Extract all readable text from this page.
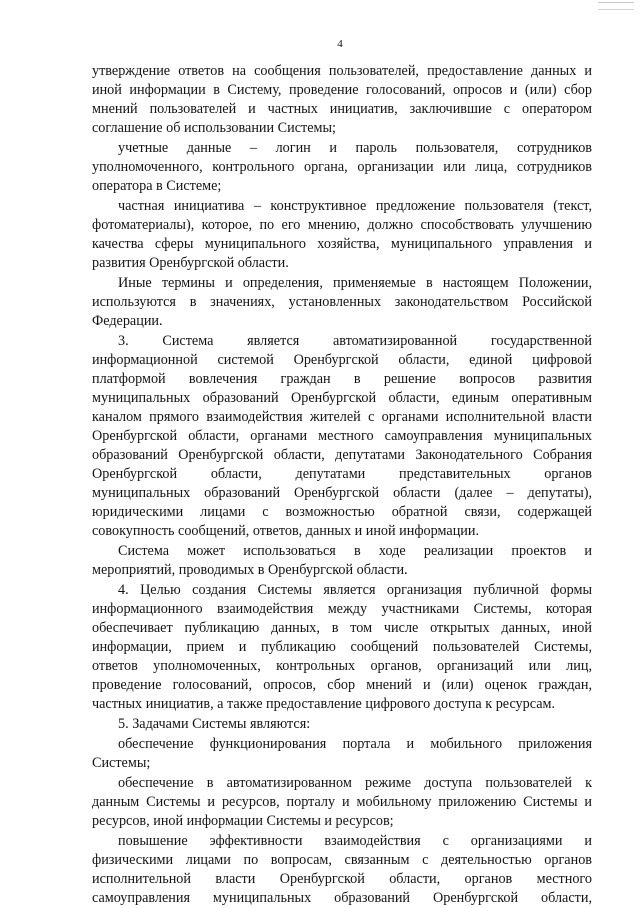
4
утверждение ответов на сообщения пользователей, предоставление данных и
иной информации в Систему, проведение голосований, опросов и (или) сбор
мнений пользователей и частных инициатив, заключившие с оператором
соглашение об использовании Системы;
учетные данные – логин и пароль пользователя, сотрудников
уполномоченного, контрольного органа, организации или лица, сотрудников
оператора в Системе;
частная инициатива – конструктивное предложение пользователя (текст,
фотоматериалы), которое, по его мнению, должно способствовать улучшению
качества сферы муниципального хозяйства, муниципального управления и
развития Оренбургской области.
Иные термины и определения, применяемые в настоящем Положении,
используются в значениях, установленных законодательством Российской
Федерации.
3. Система является автоматизированной государственной
информационной системой Оренбургской области, единой цифровой
платформой вовлечения граждан в решение вопросов развития
муниципальных образований Оренбургской области, единым оперативным
каналом прямого взаимодействия жителей с органами исполнительной власти
Оренбургской области, органами местного самоуправления муниципальных
образований Оренбургской области, депутатами Законодательного Собрания
Оренбургской области, депутатами представительных органов
муниципальных образований Оренбургской области (далее – депутаты),
юридическими лицами с возможностью обратной связи, содержащей
совокупность сообщений, ответов, данных и иной информации.
Система может использоваться в ходе реализации проектов и
мероприятий, проводимых в Оренбургской области.
4. Целью создания Системы является организация публичной формы
информационного взаимодействия между участниками Системы, которая
обеспечивает публикацию данных, в том числе открытых данных, иной
информации, прием и публикацию сообщений пользователей Системы,
ответов уполномоченных, контрольных органов, организаций или лиц,
проведение голосований, опросов, сбор мнений и (или) оценок граждан,
частных инициатив, а также предоставление цифрового доступа к ресурсам.
5. Задачами Системы являются:
обеспечение функционирования портала и мобильного приложения
Системы;
обеспечение в автоматизированном режиме доступа пользователей к
данным Системы и ресурсов, порталу и мобильному приложению Системы и
ресурсов, иной информации Системы и ресурсов;
повышение эффективности взаимодействия с организациями и
физическими лицами по вопросам, связанным с деятельностью органов
исполнительной власти Оренбургской области, органов местного
самоуправления муниципальных образований Оренбургской области,
